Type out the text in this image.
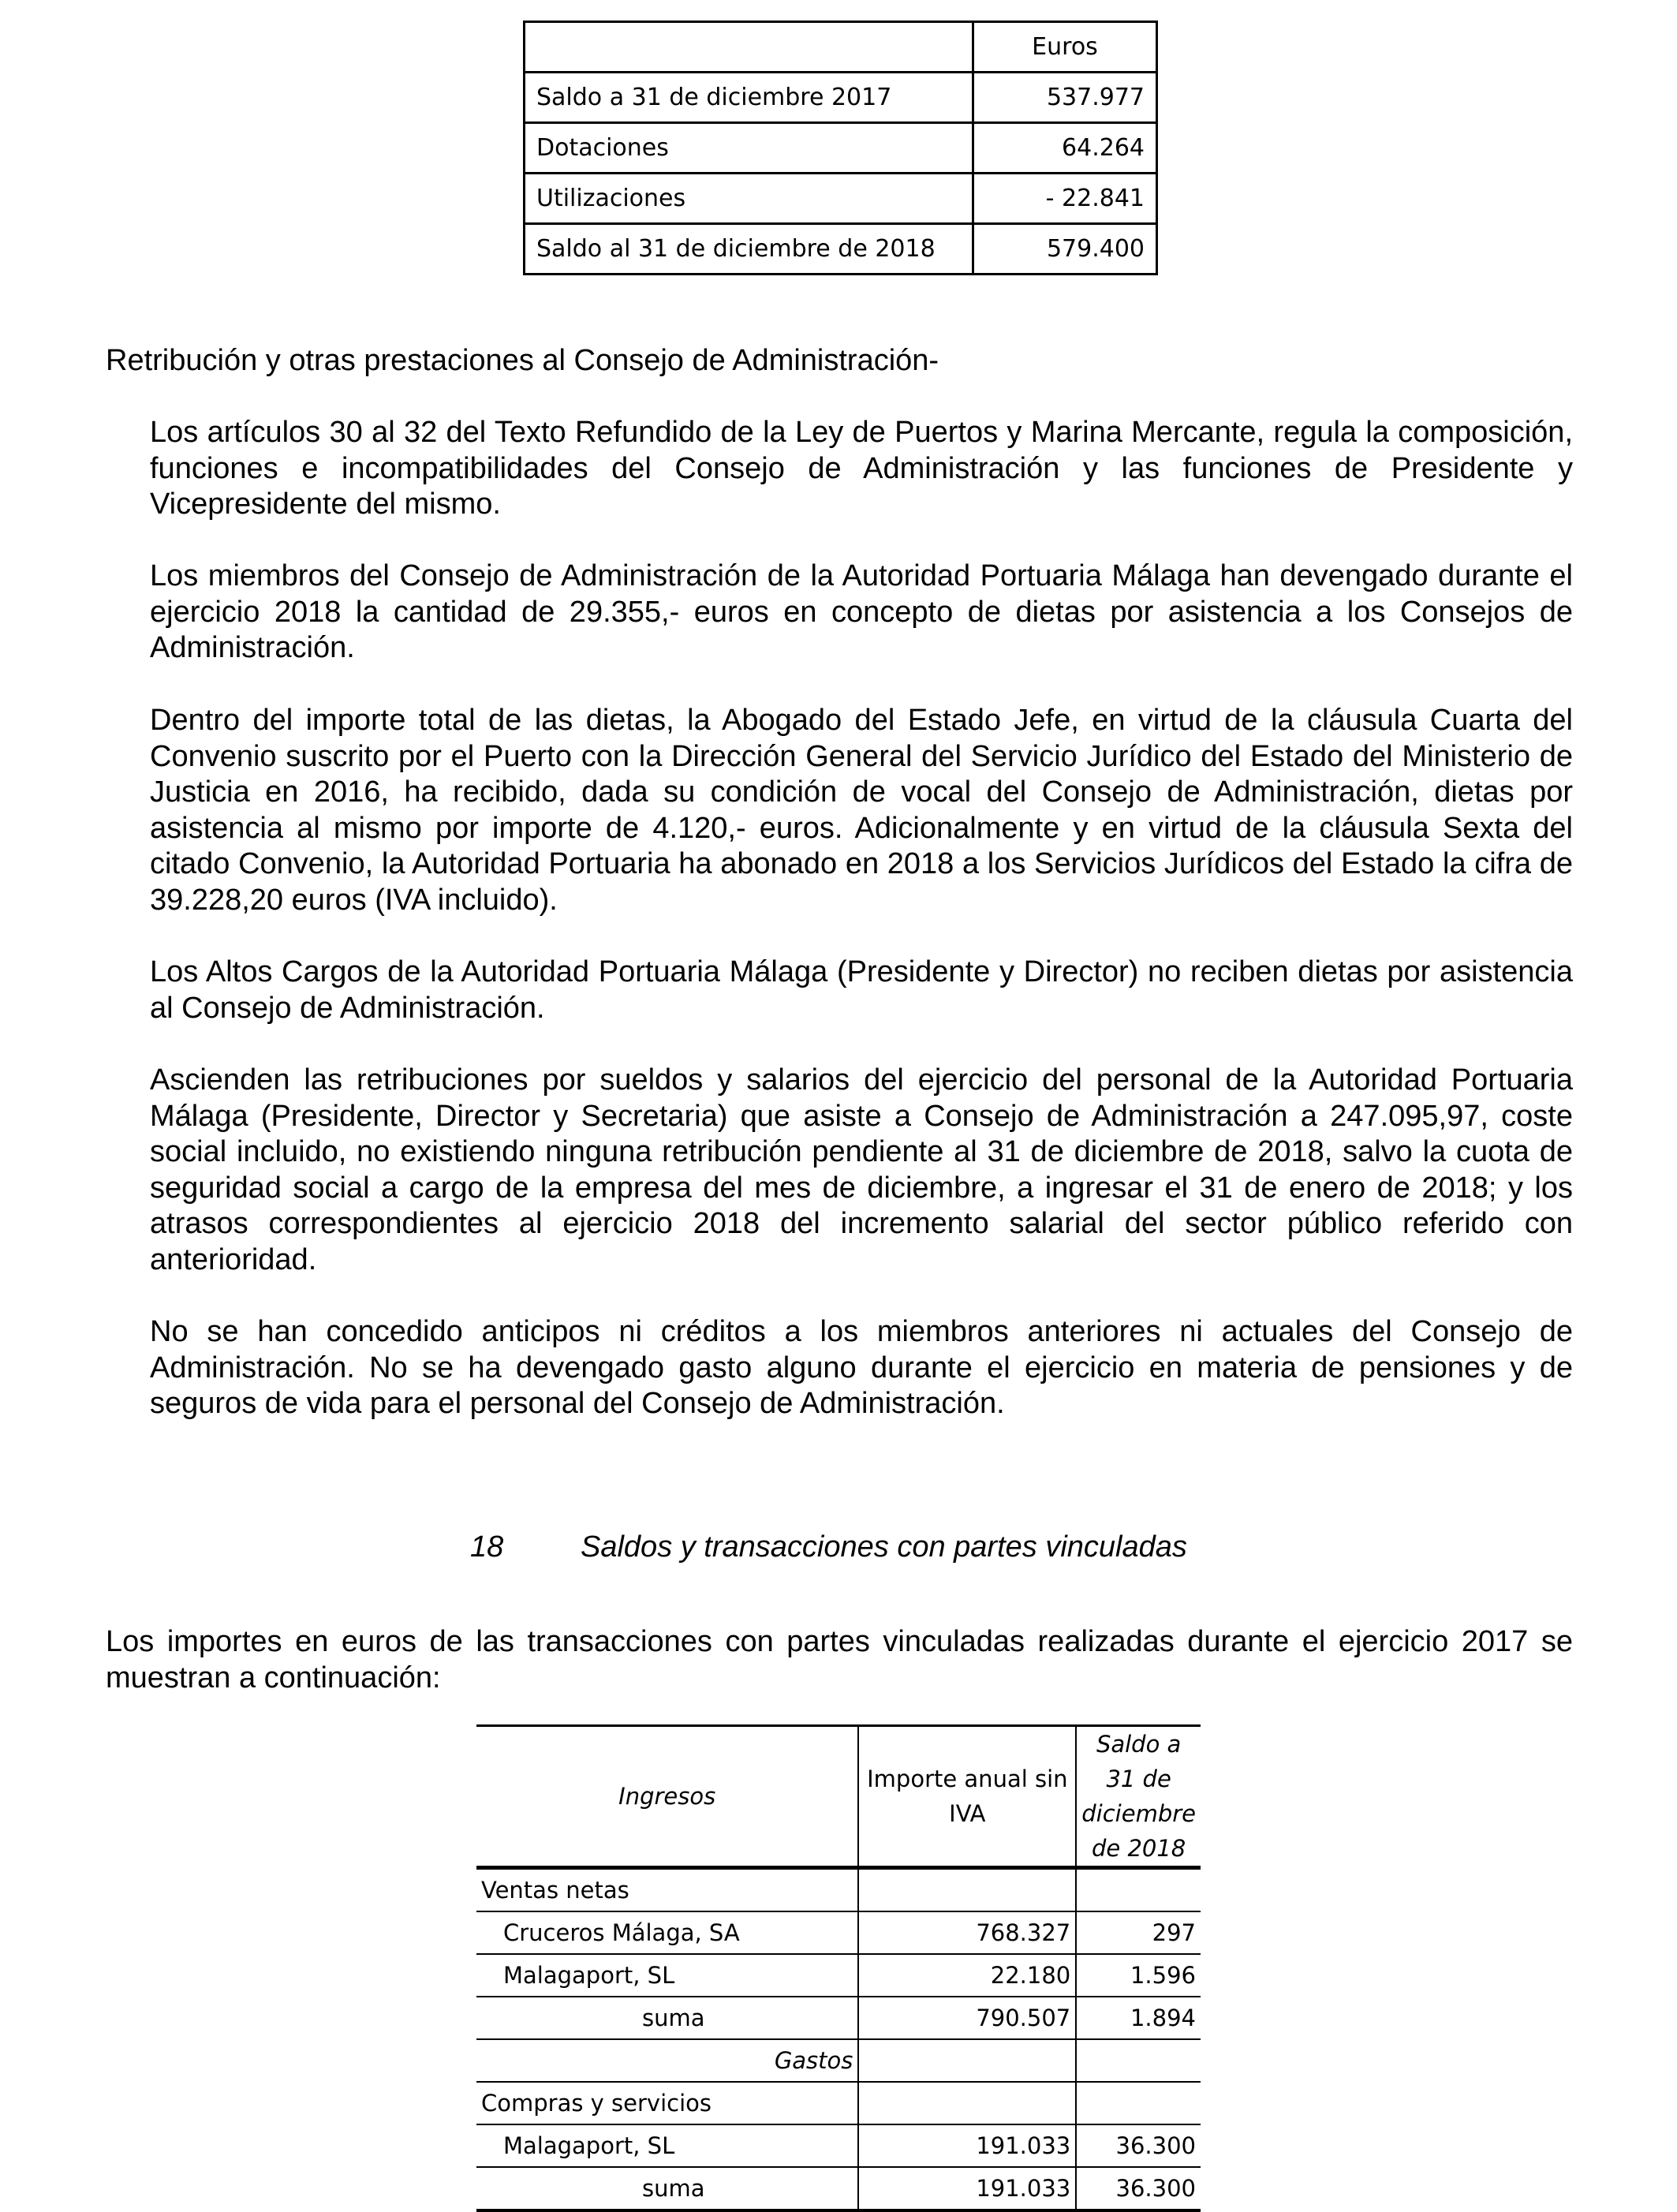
	Euros
Saldo a 31 de diciembre 2017	537.977
Dotaciones	64.264
Utilizaciones	- 22.841
Saldo al 31 de diciembre de 2018	579.400
Retribución y otras prestaciones al Consejo de Administración-
Los artículos 30 al 32 del Texto Refundido de la Ley de Puertos y Marina Mercante, regula la composición, funciones e incompatibilidades del Consejo de Administración y las funciones de Presidente y Vicepresidente del mismo.
Los miembros del Consejo de Administración de la Autoridad Portuaria Málaga han devengado durante el ejercicio 2018 la cantidad de 29.355,- euros en concepto de dietas por asistencia a los Consejos de Administración.
Dentro del importe total de las dietas, la Abogado del Estado Jefe, en virtud de la cláusula Cuarta del Convenio suscrito por el Puerto con la Dirección General del Servicio Jurídico del Estado del Ministerio de Justicia en 2016, ha recibido, dada su condición de vocal del Consejo de Administración, dietas por asistencia al mismo por importe de 4.120,- euros. Adicionalmente y en virtud de la cláusula Sexta del citado Convenio, la Autoridad Portuaria ha abonado en 2018 a los Servicios Jurídicos del Estado la cifra de 39.228,20 euros (IVA incluido).
Los Altos Cargos de la Autoridad Portuaria Málaga (Presidente y Director) no reciben dietas por asistencia al Consejo de Administración.
Ascienden las retribuciones por sueldos y salarios del ejercicio del personal de la Autoridad Portuaria Málaga (Presidente, Director y Secretaria) que asiste a Consejo de Administración a 247.095,97, coste social incluido, no existiendo ninguna retribución pendiente al 31 de diciembre de 2018, salvo la cuota de seguridad social a cargo de la empresa del mes de diciembre, a ingresar el 31 de enero de 2018; y los atrasos correspondientes al ejercicio 2018 del incremento salarial del sector público referido con anterioridad.
No se han concedido anticipos ni créditos a los miembros anteriores ni actuales del Consejo de Administración. No se ha devengado gasto alguno durante el ejercicio en materia de pensiones y de seguros de vida para el personal del Consejo de Administración.
18	Saldos y transacciones con partes vinculadas
Los importes en euros de las transacciones con partes vinculadas realizadas durante el ejercicio 2017 se muestran a continuación:
Ingresos	Importe anual sin IVA	Saldo a 31 de diciembre de 2018
Ventas netas		
Cruceros Málaga, SA	768.327	297
Malagaport, SL	22.180	1.596
suma	790.507	1.894
Gastos		
Compras y servicios		
Malagaport, SL	191.033	36.300
suma	191.033	36.300
